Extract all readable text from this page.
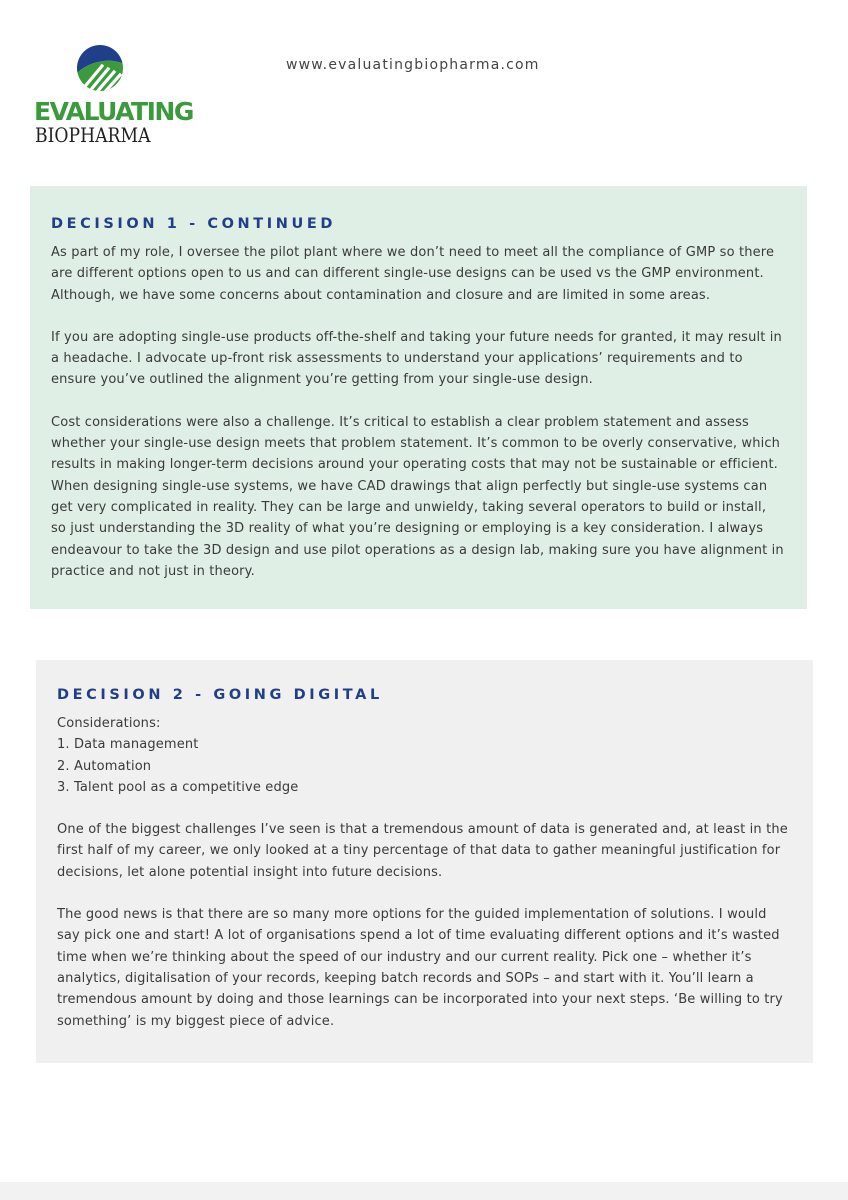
EVALUATING
BIOPHARMA
www.evaluatingbiopharma.com
DECISION 1 - CONTINUED

As part of my role, I oversee the pilot plant where we don’t need to meet all the compliance of GMP so there are different options open to us and can different single-use designs can be used vs the GMP environment. Although, we have some concerns about contamination and closure and are limited in some areas.

If you are adopting single-use products off-the-shelf and taking your future needs for granted, it may result in a headache. I advocate up-front risk assessments to understand your applications’ requirements and to ensure you’ve outlined the alignment you’re getting from your single-use design.

Cost considerations were also a challenge. It’s critical to establish a clear problem statement and assess whether your single-use design meets that problem statement. It’s common to be overly conservative, which results in making longer-term decisions around your operating costs that may not be sustainable or efficient. When designing single-use systems, we have CAD drawings that align perfectly but single-use systems can get very complicated in reality. They can be large and unwieldy, taking several operators to build or install, so just understanding the 3D reality of what you’re designing or employing is a key consideration. I always endeavour to take the 3D design and use pilot operations as a design lab, making sure you have alignment in practice and not just in theory.

DECISION 2 - GOING DIGITAL

Considerations:

1. Data management
2. Automation
3. Talent pool as a competitive edge

One of the biggest challenges I’ve seen is that a tremendous amount of data is generated and, at least in the first half of my career, we only looked at a tiny percentage of that data to gather meaningful justification for decisions, let alone potential insight into future decisions.

The good news is that there are so many more options for the guided implementation of solutions. I would say pick one and start! A lot of organisations spend a lot of time evaluating different options and it’s wasted time when we’re thinking about the speed of our industry and our current reality. Pick one – whether it’s analytics, digitalisation of your records, keeping batch records and SOPs – and start with it. You’ll learn a tremendous amount by doing and those learnings can be incorporated into your next steps. ‘Be willing to try something’ is my biggest piece of advice.
